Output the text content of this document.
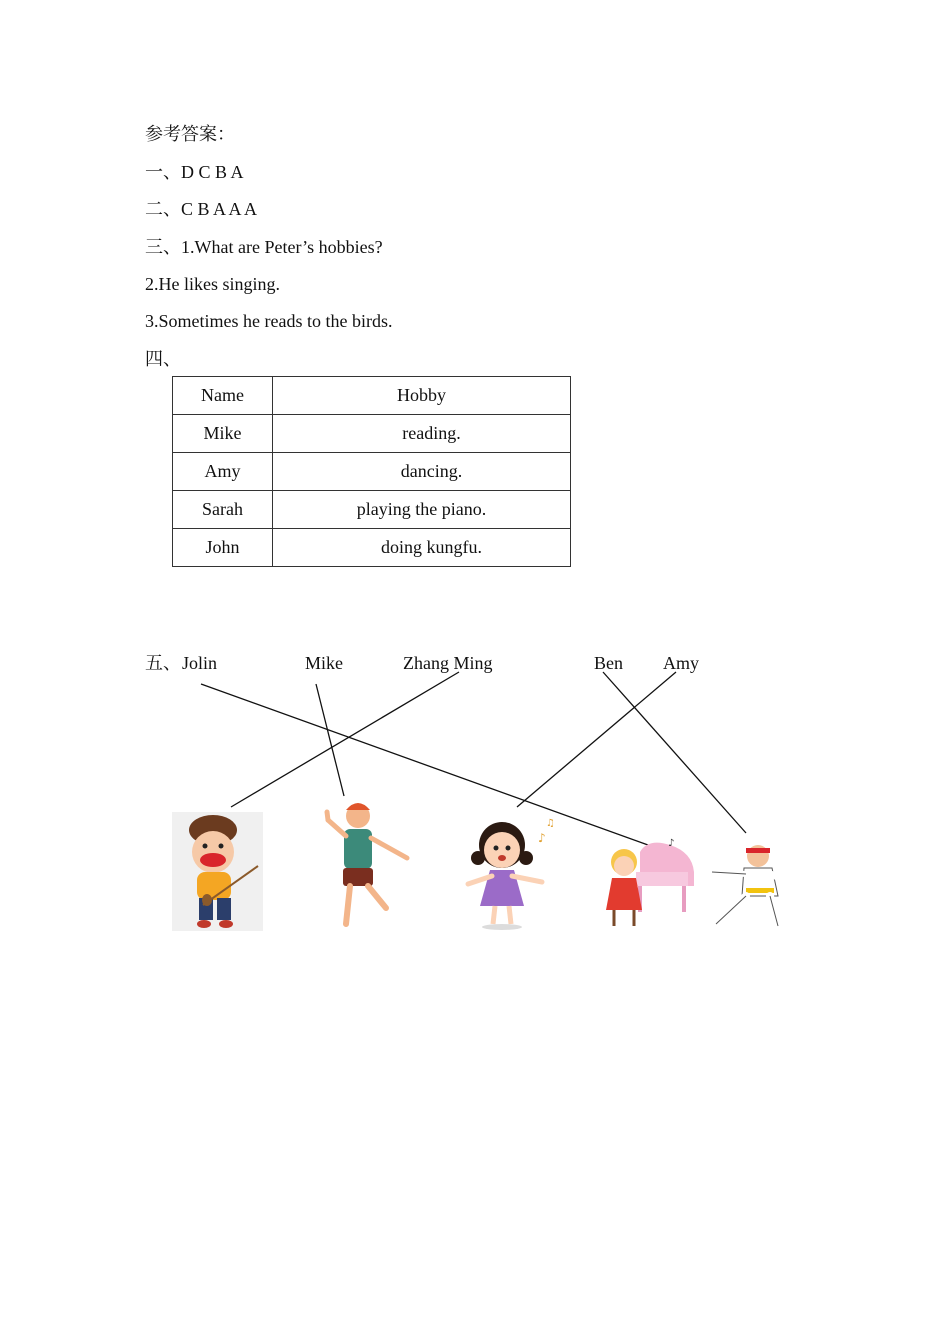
参考答案：
一、D C B A
二、C B A A A
三、1.What are Peter’s hobbies?
2.He likes singing.
3.Sometimes he reads to the birds.
四、
Name	Hobby
Mike	reading.
Amy	dancing.
Sarah	playing the piano.
John	doing kungfu.
五、 Jolin	Mike	Zhang Ming	Ben Amy
♪
♫
♪
